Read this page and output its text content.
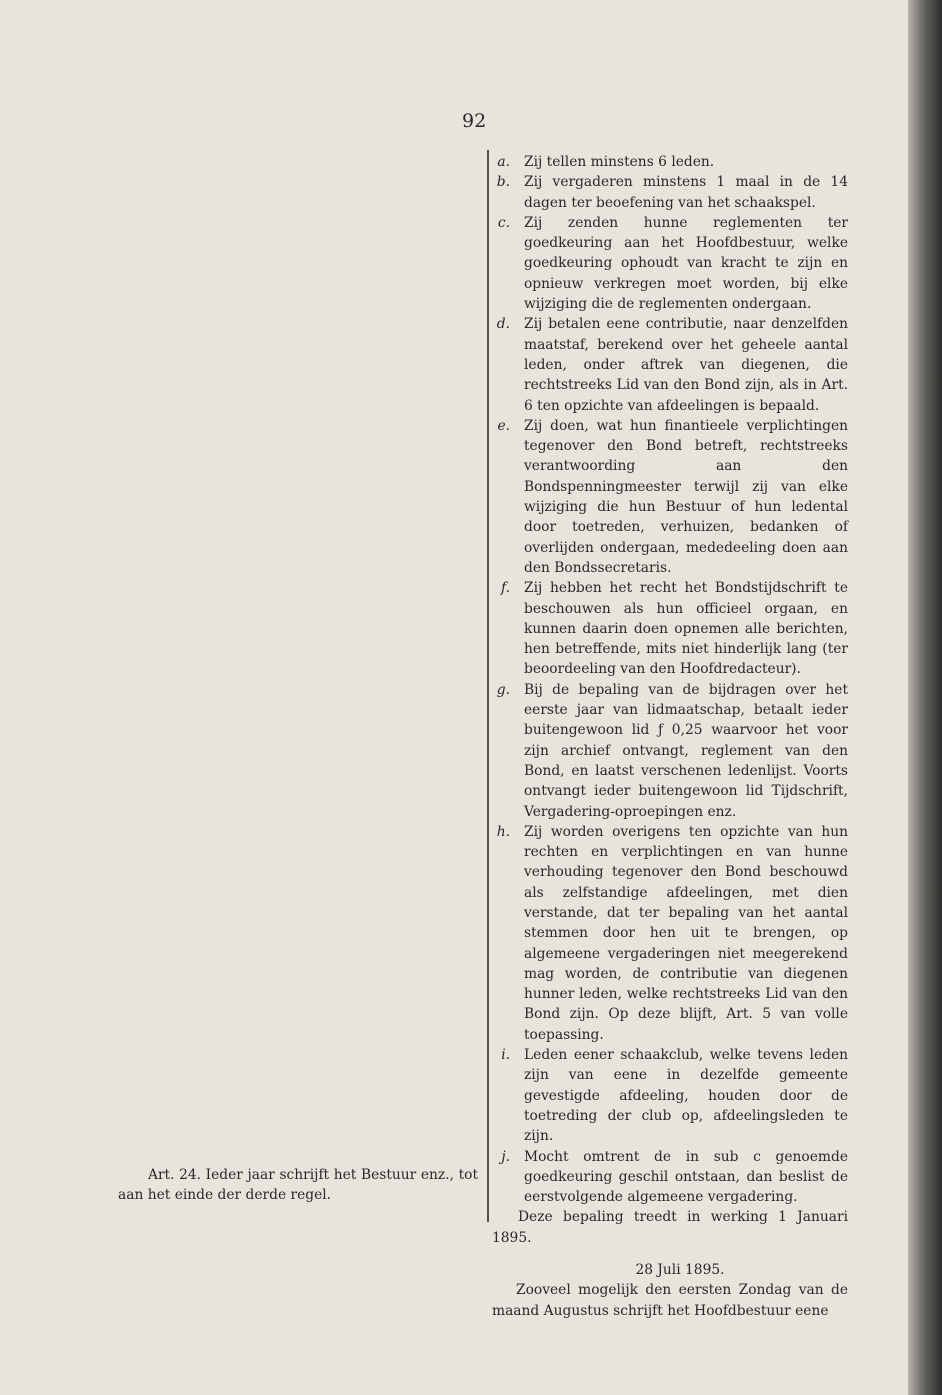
92
Art. 24. Ieder jaar schrijft het Bestuur enz., tot aan het einde der derde regel.
a. Zij tellen minstens 6 leden.
b. Zij vergaderen minstens 1 maal in de 14 dagen ter beoefening van het schaakspel.
c. Zij zenden hunne reglementen ter goedkeuring aan het Hoofdbestuur, welke goedkeuring ophoudt van kracht te zijn en opnieuw verkregen moet worden, bij elke wijziging die de reglementen ondergaan.
d. Zij betalen eene contributie, naar denzelfden maatstaf, berekend over het geheele aantal leden, onder aftrek van diegenen, die rechtstreeks Lid van den Bond zijn, als in Art. 6 ten opzichte van afdeelingen is bepaald.
e. Zij doen, wat hun finantieele verplichtingen tegenover den Bond betreft, rechtstreeks verantwoording aan den Bondspenningmeester terwijl zij van elke wijziging die hun Bestuur of hun ledental door toetreden, verhuizen, bedanken of overlijden ondergaan, mededeeling doen aan den Bondssecretaris.
f. Zij hebben het recht het Bondstijdschrift te beschouwen als hun officieel orgaan, en kunnen daarin doen opnemen alle berichten, hen betreffende, mits niet hinderlijk lang (ter beoordeeling van den Hoofdredacteur).
g. Bij de bepaling van de bijdragen over het eerste jaar van lidmaatschap, betaalt ieder buitengewoon lid ƒ 0,25 waarvoor het voor zijn archief ontvangt, reglement van den Bond, en laatst verschenen ledenlijst. Voorts ontvangt ieder buitengewoon lid Tijdschrift, Vergadering-oproepingen enz.
h. Zij worden overigens ten opzichte van hun rechten en verplichtingen en van hunne verhouding tegenover den Bond beschouwd als zelfstandige afdeelingen, met dien verstande, dat ter bepaling van het aantal stemmen door hen uit te brengen, op algemeene vergaderingen niet meegerekend mag worden, de contributie van diegenen hunner leden, welke rechtstreeks Lid van den Bond zijn. Op deze blijft, Art. 5 van volle toepassing.
i. Leden eener schaakclub, welke tevens leden zijn van eene in dezelfde gemeente gevestigde afdeeling, houden door de toetreding der club op, afdeelingsleden te zijn.
j. Mocht omtrent de in sub c genoemde goedkeuring geschil ontstaan, dan beslist de eerstvolgende algemeene vergadering.
Deze bepaling treedt in werking 1 Januari 1895.
28 Juli 1895.
Zooveel mogelijk den eersten Zondag van de maand Augustus schrijft het Hoofdbestuur eene
